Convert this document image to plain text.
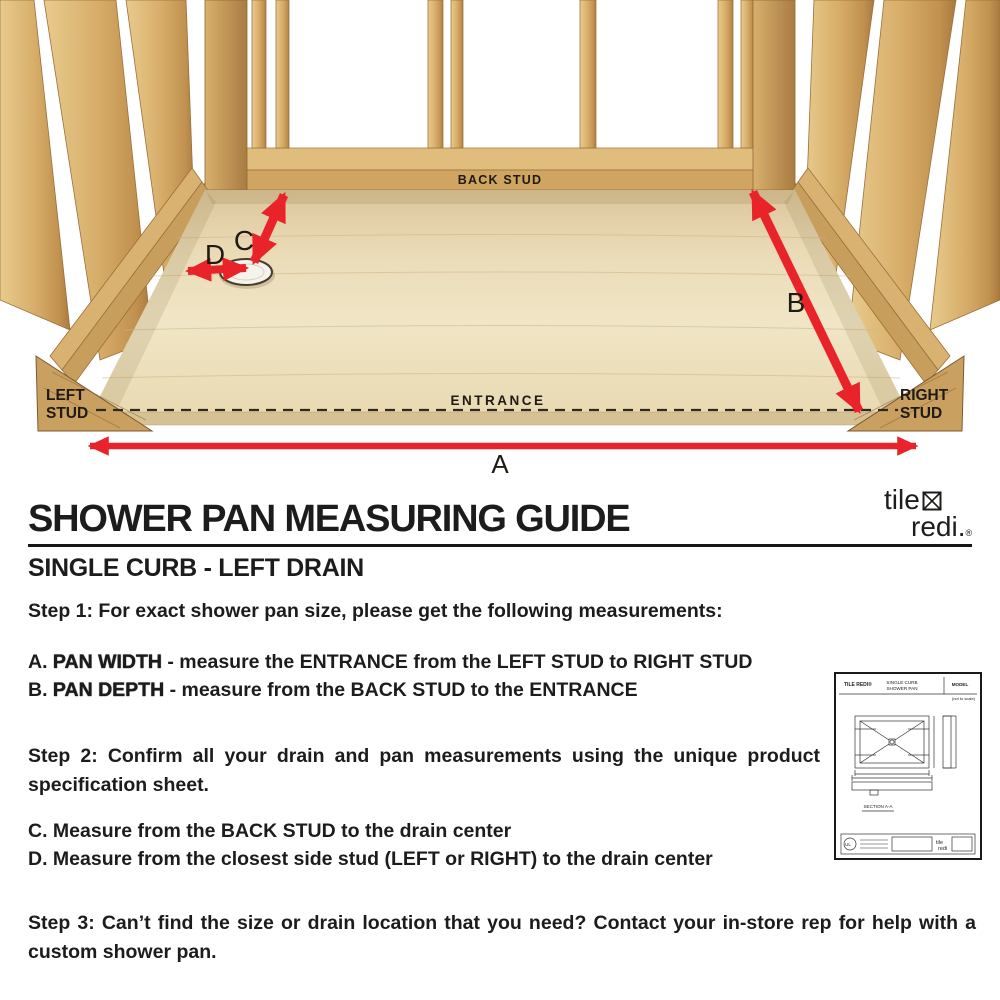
BACK STUD
ENTRANCE
LEFT
STUD
RIGHT
STUD
A
B
C
D
SHOWER PAN MEASURING GUIDE	tile
redi.®
SINGLE CURB - LEFT DRAIN
Step 1: For exact shower pan size, please get the following measurements:
A. PAN WIDTH - measure the ENTRANCE from the LEFT STUD to RIGHT STUD
B. PAN DEPTH - measure from the BACK STUD to the ENTRANCE
Step 2: Confirm all your drain and pan measurements using the unique product specification sheet.
C. Measure from the BACK STUD to the drain center
D. Measure from the closest side stud (LEFT or RIGHT) to the drain center
Step 3: Can’t find the size or drain location that you need? Contact your in-store rep for help with a custom shower pan.
TILE REDI®	SINGLE CURB
SHOWER PAN
MODEL
(not to scale)
SECTION A-A
UL	tile
redi
